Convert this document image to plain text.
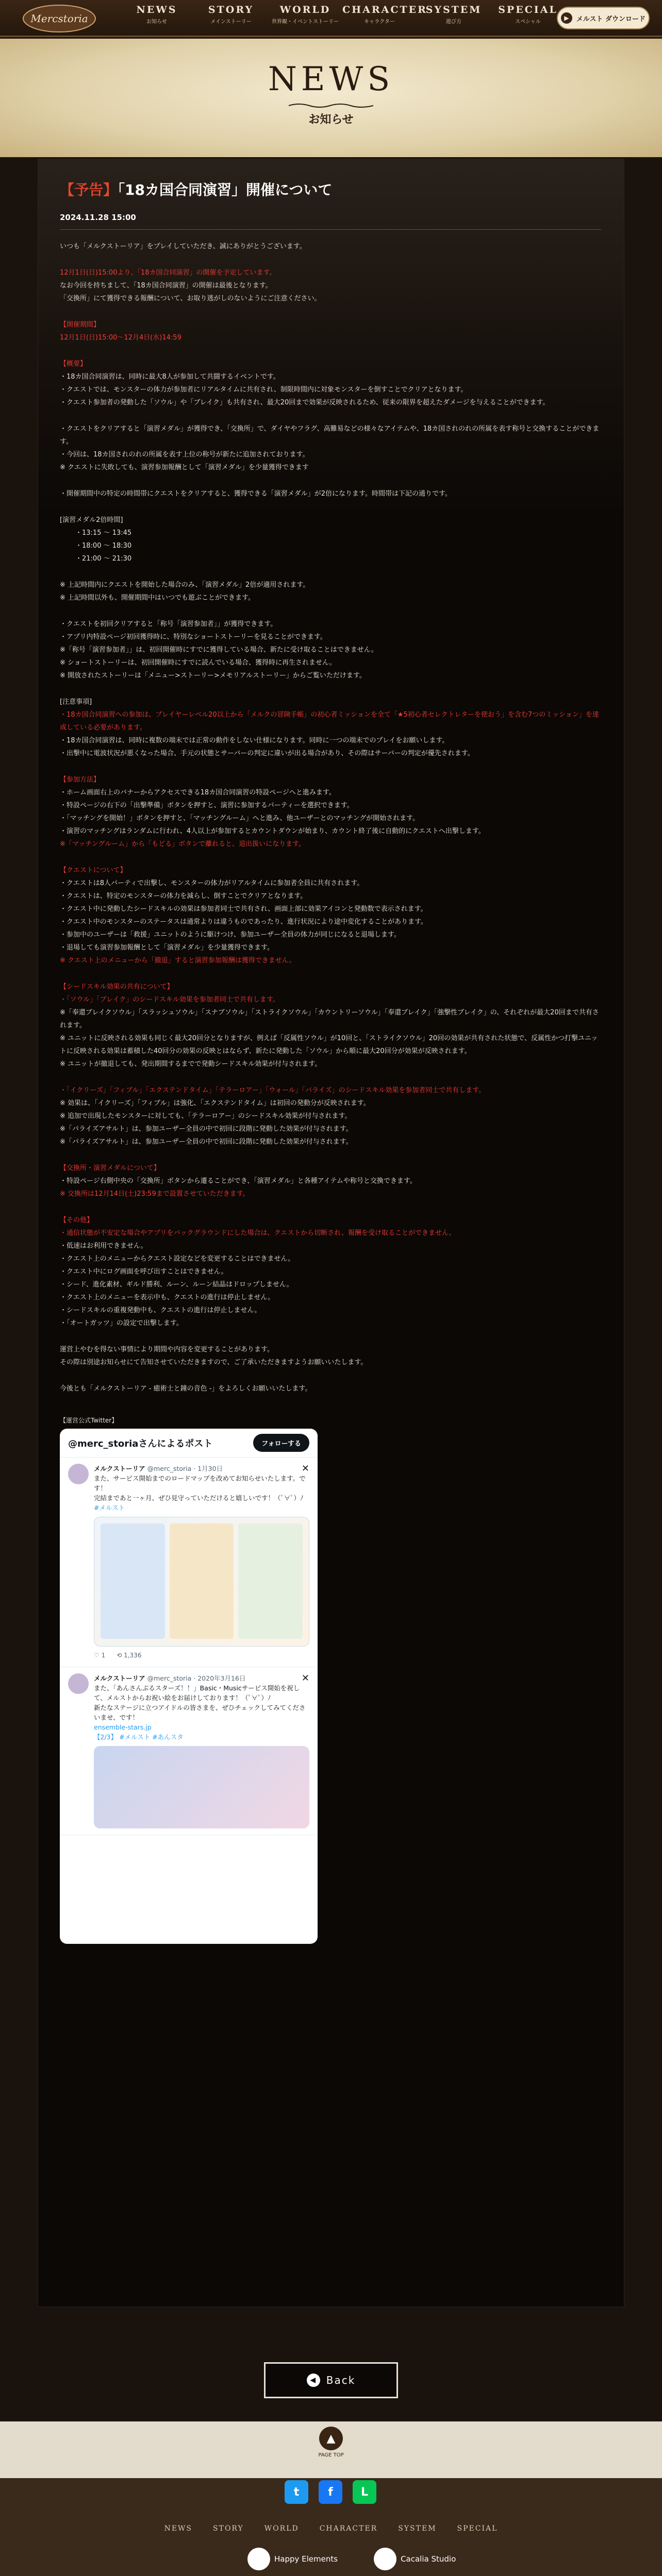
Mercstoria
NEWS
お知らせ
STORY
メインストーリー
WORLD
世界観・イベントストーリー
CHARACTER
キャラクター
SYSTEM
遊び方
SPECIAL
スペシャル
▶	メルスト ダウンロード
NEWS
お知らせ
【予告】「18カ国合同演習」開催について
2024.11.28 15:00
いつも「メルクストーリア」をプレイしていただき、誠にありがとうございます。
12月1日(日)15:00より、「18カ国合同演習」の開催を予定しています。
なお今回を持ちまして、「18カ国合同演習」の開催は最後となります。
「交換所」にて獲得できる報酬について、お取り逃がしのないようにご注意ください。
【開催期間】
12月1日(日)15:00～12月4日(水)14:59
【概要】
・18カ国合同演習は、同時に最大8人が参加して共闘するイベントです。
・クエストでは、モンスターの体力が参加者にリアルタイムに共有され、制限時間内に対象モンスターを倒すことでクリアとなります。
・クエスト参加者の発動した「ソウル」や「ブレイク」も共有され、最大20回まで効果が反映されるため、従来の限界を超えたダメージを与えることができます。
・クエストをクリアすると「演習メダル」が獲得でき、「交換所」で、ダイヤやフラグ、高難易などの様々なアイテムや、18カ国されのれの所属を表す称号と交換することができます。
・今回は、18カ国されのれの所属を表す上位の称号が新たに追加されております。
※ クエストに失敗しても、演習参加報酬として「演習メダル」を少量獲得できます
・開催期間中の特定の時間帯にクエストをクリアすると、獲得できる「演習メダル」が2倍になります。時間帯は下記の通りです。
[演習メダル2倍時間]
・13:15 ～ 13:45
・18:00 ～ 18:30
・21:00 ～ 21:30
※ 上記時間内にクエストを開始した場合のみ、「演習メダル」2倍が適用されます。
※ 上記時間以外も、開催期間中はいつでも遊ぶことができます。
・クエストを初回クリアすると「称号「演習参加者」」が獲得できます。
・アプリ内特設ページ初回獲得時に、特別なショートストーリーを見ることができます。
※「称号「演習参加者」」は、初回開催時にすでに獲得している場合、新たに受け取ることはできません。
※ ショートストーリーは、初回開催時にすでに読んでいる場合、獲得時に再生されません。
※ 開放されたストーリーは「メニュー>ストーリー>メモリアルストーリー」からご覧いただけます。
[注意事項]
・18カ国合同演習への参加は、プレイヤーレベル20以上から「メルクの冒険手帳」の初心者ミッションを全て「★5初心者セレクトレターを使おう」を含む7つのミッション」を達成している必要があります。
・18カ国合同演習は、同時に複数の端末では正常の動作をしない仕様になります。同時に一つの端末でのプレイをお願いします。
・出撃中に電波状況が悪くなった場合、手元の状態とサーバーの判定に違いが出る場合があり、その際はサーバーの判定が優先されます。
【参加方法】
・ホーム画面右上のバナーからアクセスできる18カ国合同演習の特設ページへと進みます。
・特設ページの右下の「出撃準備」ボタンを押すと、演習に参加するパーティーを選択できます。
・「マッチングを開始！」ボタンを押すと、「マッチングルーム」へと進み、他ユーザーとのマッチングが開始されます。
・演習のマッチングはランダムに行われ、4人以上が参加するとカウントダウンが始まり、カウント終了後に自動的にクエストへ出撃します。
※「マッチングルーム」から「もどる」ボタンで離れると、退出扱いになります。
【クエストについて】
・クエストは8人パーティで出撃し、モンスターの体力がリアルタイムに参加者全員に共有されます。
・クエストは、特定のモンスターの体力を減らし、倒すことでクリアとなります。
・クエスト中に発動したシードスキルの効果は参加者同士で共有され、画面上部に効果アイコンと発動数で表示されます。
・クエスト中のモンスターのステータスは通常よりは違うものであったり、進行状況により途中変化することがあります。
・参加中のユーザーは「救援」ユニットのように駆けつけ、参加ユーザー全員の体力が同じになると退場します。
・退場しても演習参加報酬として「演習メダル」を少量獲得できます。
※ クエスト上のメニューから「撤退」すると演習参加報酬は獲得できません。
【シードスキル効果の共有について】
・「ソウル」「ブレイク」のシードスキル効果を参加者同士で共有します。
※「奉還ブレイクソウル」「スラッシュソウル」「スナブソウル」「ストライクソウル」「カウントリーソウル」「奉還ブレイク」「強撃性ブレイク」の、それぞれが最大20回まで共有されます。
※ ユニットに反映される効果も同じく最大20回分となりますが、例えば「反属性ソウル」が10回と、「ストライクソウル」20回の効果が共有された状態で、反属性かつ打撃ユニットに反映される効果は蓄積した40回分の効果の反映とはならず、新たに発動した「ソウル」から順に最大20回分が効果が反映されます。
※ ユニットが撤退しても、発出期間するまでで発動シードスキル効果が付与されます。
・「イクリーズ」「フィブル」「エクステンドタイム」「テラーロアー」「ウォール」「パライズ」のシードスキル効果を参加者同士で共有します。
※ 効果は、「イクリーズ」「フィブル」は強化、「エクステンドタイム」は初回の発動分が反映されます。
※ 追加で出現したモンスターに対しても、「テラーロアー」のシードスキル効果が付与されます。
※「パライズアサルト」は、参加ユーザー全員の中で初回に段階に発動した効果が付与されます。
※「パライズアサルト」は、参加ユーザー全員の中で初回に段階に発動した効果が付与されます。
【交換所・演習メダルについて】
・特設ページ右側中央の「交換所」ボタンから遷ることができ、「演習メダル」と各種アイテムや称号と交換できます。
※ 交換所は12月14日(土)23:59まで設置させていただきます。
【その他】
・通信状態が不安定な場合やアプリをバックグラウンドにした場合は、クエストから切断され、報酬を受け取ることができません。
・低速はお利用できません。
・クエスト上のメニューからクエスト設定などを変更することはできません。
・クエスト中にログ画面を呼び出すことはできません。
・シード、進化素材、ギルド勝利、ルーン、ルーン結晶はドロップしません。
・クエスト上のメニューを表示中も、クエストの進行は停止しません。
・シードスキルの重複発動中も、クエストの進行は停止しません。
・「オートガッツ」の設定で出撃します。
運営上やむを得ない事情により期間や内容を変更することがあります。
その際は別途お知らせにて告知させていただきますので、ご了承いただきますようお願いいたします。
今後とも「メルクストーリア - 癒術士と鐘の音色 -」をよろしくお願いいたします。
【運営公式Twitter】
@merc_storiaさんによるポスト	フォローする
メルクストーリア @merc_storia · 1月30日	✕
また、サービス開始までのロードマップを改めてお知らせいたします。です！
完結まであと一ヶ月、ぜひ見守っていただけると嬉しいです！（ﾟ∀ﾟ）ﾉ
#メルスト
♡ 1 ⟲ 1,336
メルクストーリア @merc_storia · 2020年3月16日	✕
また、「あんさんぶるスターズ！！」Basic・Musicサービス開始を祝して、メルストからお祝い絵をお届けしております！（ﾟ∀ﾟ）ﾉ
新たなステージに立つアイドルの皆さまを、ぜひチェックしてみてくださいませ、です！
ensemble-stars.jp
【2/3】 #メルスト #あんスタ
◀ Back
▲
PAGE TOP
t	f	L
NEWS	STORY	WORLD	CHARACTER	SYSTEM	SPECIAL
Happy Elements	Cacalia Studio
